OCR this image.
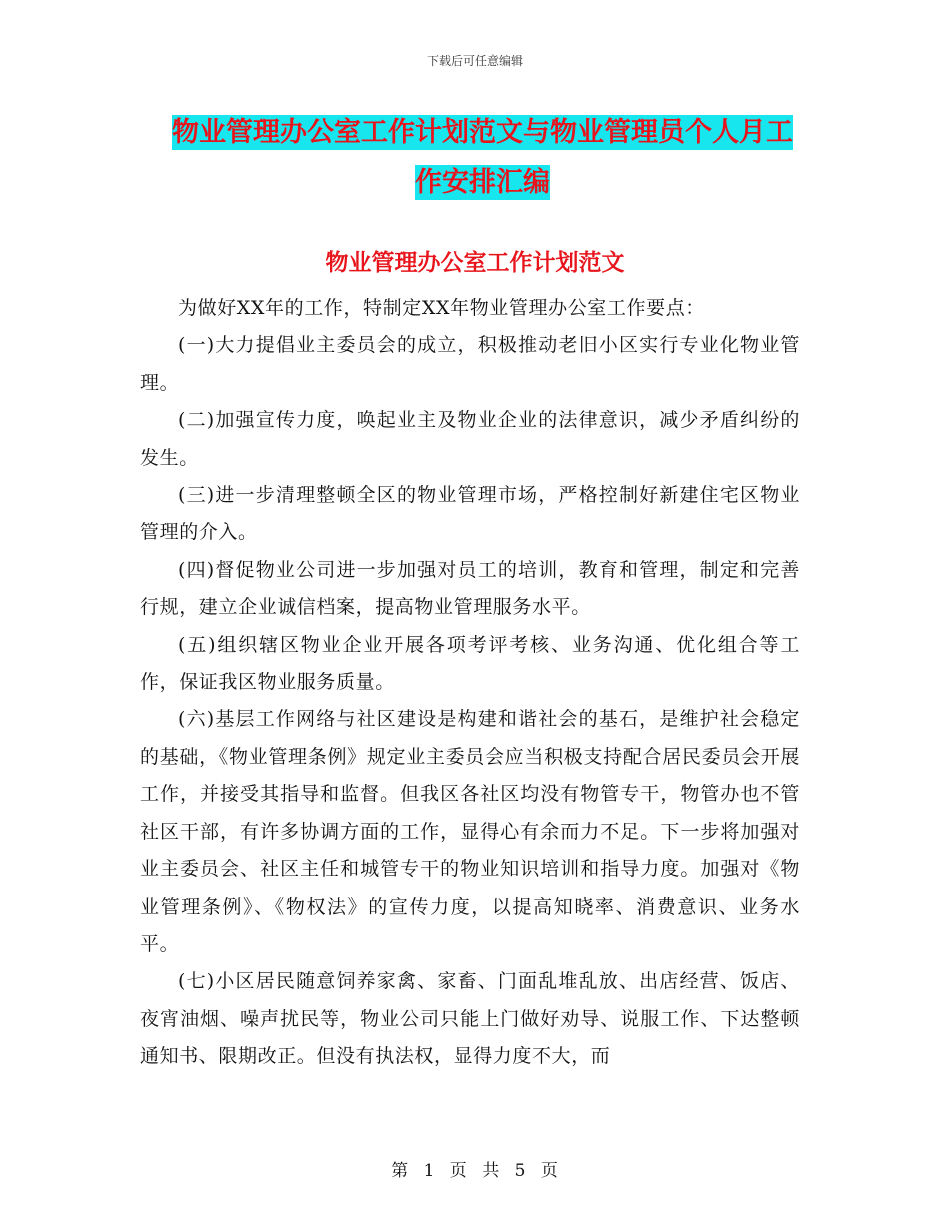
下载后可任意编辑
物业管理办公室工作计划范文与物业管理员个人月工
作安排汇编
物业管理办公室工作计划范文

为做好XX年的工作，特制定XX年物业管理办公室工作要点：

(一)大力提倡业主委员会的成立，积极推动老旧小区实行专业化物业管理。

(二)加强宣传力度，唤起业主及物业企业的法律意识，减少矛盾纠纷的发生。

(三)进一步清理整顿全区的物业管理市场，严格控制好新建住宅区物业管理的介入。

(四)督促物业公司进一步加强对员工的培训，教育和管理，制定和完善行规，建立企业诚信档案，提高物业管理服务水平。

(五)组织辖区物业企业开展各项考评考核、业务沟通、优化组合等工作，保证我区物业服务质量。

(六)基层工作网络与社区建设是构建和谐社会的基石，是维护社会稳定的基础，《物业管理条例》规定业主委员会应当积极支持配合居民委员会开展工作，并接受其指导和监督。但我区各社区均没有物管专干，物管办也不管社区干部，有许多协调方面的工作，显得心有余而力不足。下一步将加强对业主委员会、社区主任和城管专干的物业知识培训和指导力度。加强对《物业管理条例》、《物权法》的宣传力度，以提高知晓率、消费意识、业务水平。

(七)小区居民随意饲养家禽、家畜、门面乱堆乱放、出店经营、饭店、夜宵油烟、噪声扰民等，物业公司只能上门做好劝导、说服工作、下达整顿通知书、限期改正。但没有执法权，显得力度不大，而

第 1 页 共 5 页
